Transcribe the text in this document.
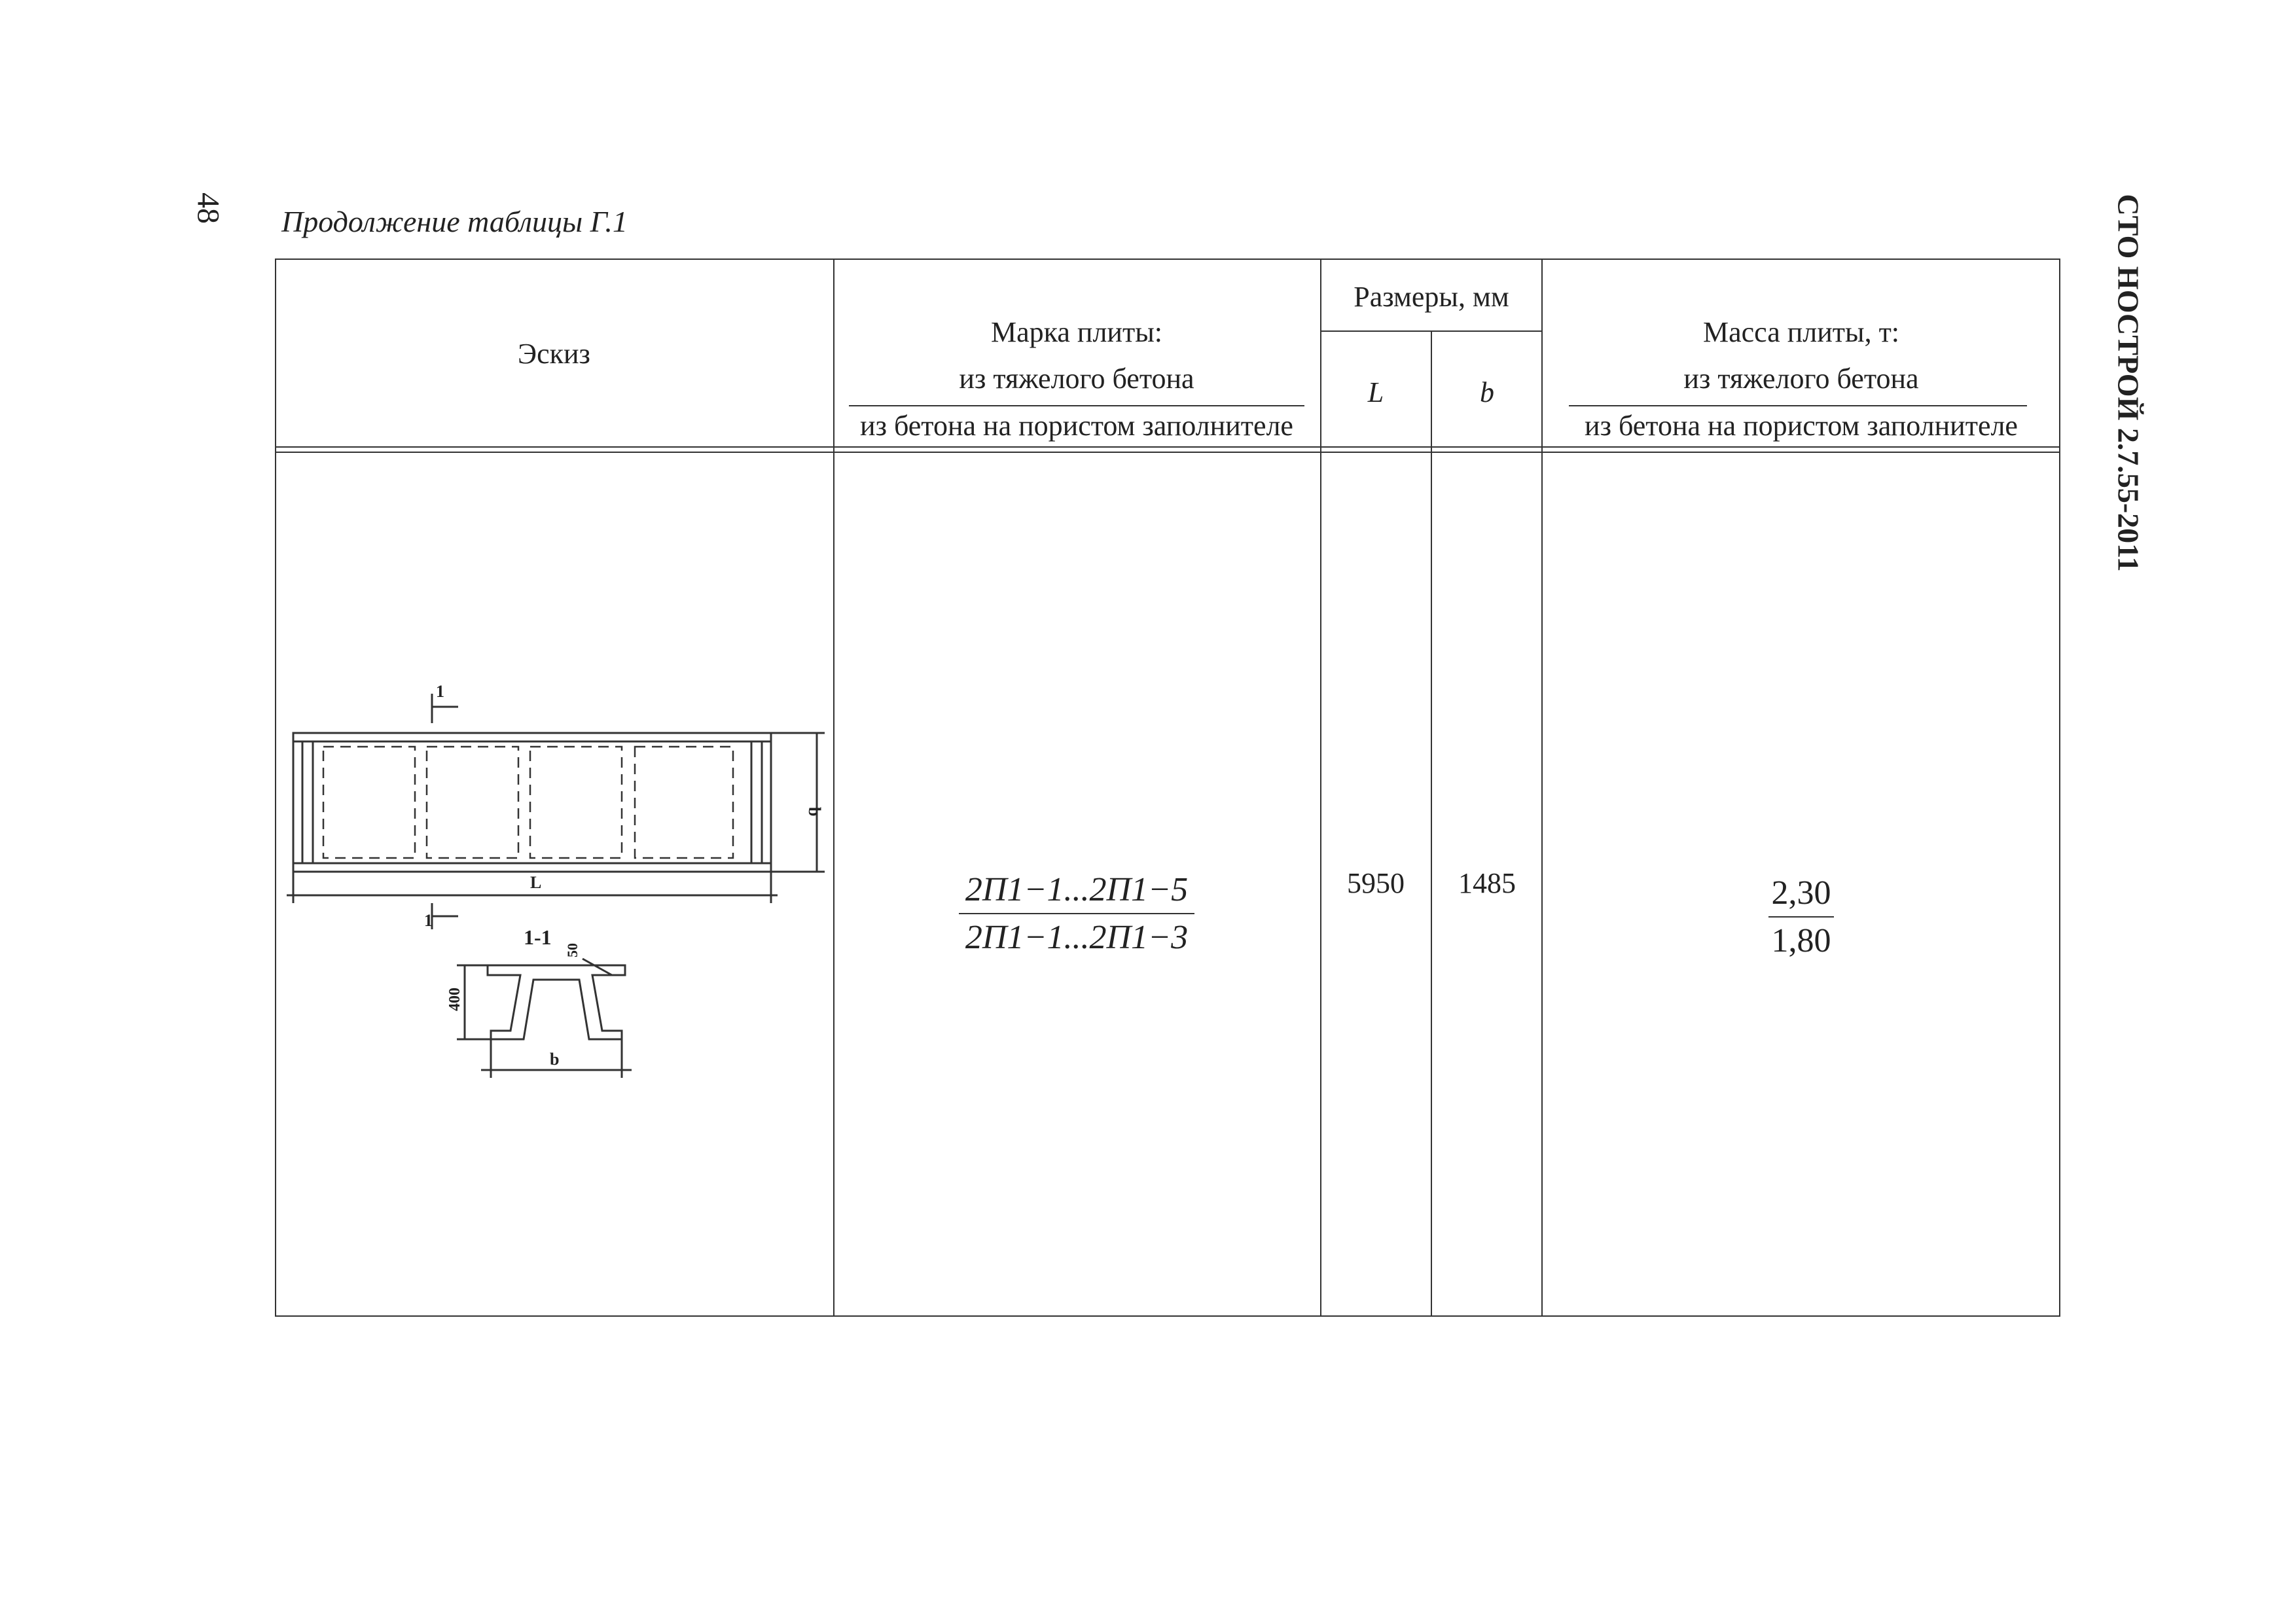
48	СТО НОСТРОЙ 2.7.55-2011
Продолжение таблицы Г.1
Эскиз
Марка плиты:
из тяжелого бетона
из бетона на пористом заполнителе
Размеры, мм
L	b
Масса плиты, т:
из тяжелого бетона
из бетона на пористом заполнителе
2П1−1...2П1−5
2П1−1...2П1−3
5950	1485	2,30
1,80
1
1
b
L
1-1
50
400
b
